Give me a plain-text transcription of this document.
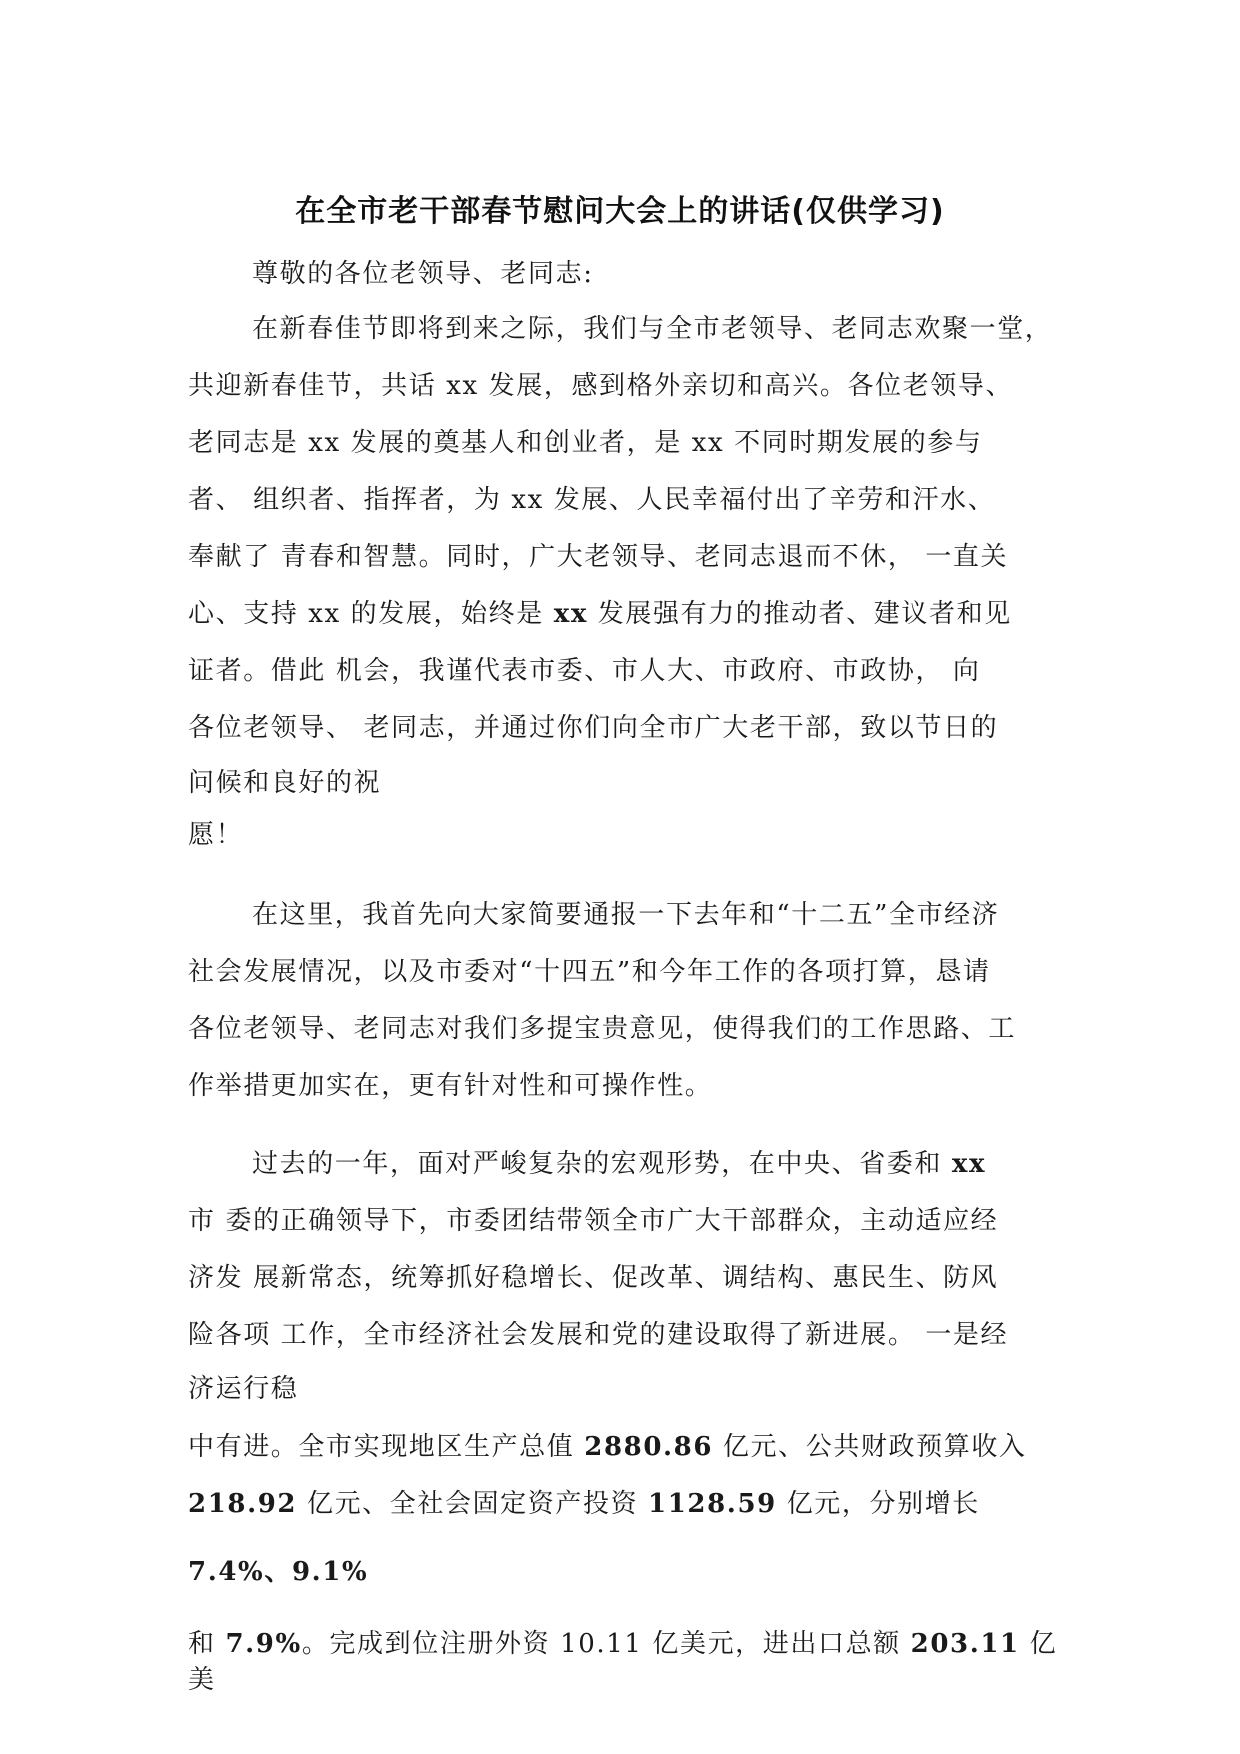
在全市老干部春节慰问大会上的讲话(仅供学习)
尊敬的各位老领导、老同志:
在新春佳节即将到来之际，我们与全市老领导、老同志欢聚一堂，
共迎新春佳节，共话 xx 发展，感到格外亲切和高兴。各位老领导、
老同志是 xx 发展的奠基人和创业者，是 xx 不同时期发展的参与
者、 组织者、指挥者，为 xx 发展、人民幸福付出了辛劳和汗水、
奉献了 青春和智慧。同时，广大老领导、老同志退而不休， 一直关
心、支持 xx 的发展，始终是 xx 发展强有力的推动者、建议者和见
证者。借此 机会，我谨代表市委、市人大、市政府、市政协， 向
各位老领导、 老同志，并通过你们向全市广大老干部，致以节日的
问候和良好的祝
愿！
在这里，我首先向大家简要通报一下去年和“十二五”全市经济
社会发展情况，以及市委对“十四五”和今年工作的各项打算，恳请
各位老领导、老同志对我们多提宝贵意见，使得我们的工作思路、工
作举措更加实在，更有针对性和可操作性。
过去的一年，面对严峻复杂的宏观形势，在中央、省委和 xx
市 委的正确领导下，市委团结带领全市广大干部群众，主动适应经
济发 展新常态，统筹抓好稳增长、促改革、调结构、惠民生、防风
险各项 工作，全市经济社会发展和党的建设取得了新进展。 一是经
济运行稳
中有进。全市实现地区生产总值 2880.86 亿元、公共财政预算收入
218.92 亿元、全社会固定资产投资 1128.59 亿元，分别增长
7.4%、9.1%
和 7.9%。完成到位注册外资 10.11 亿美元，进出口总额 203.11 亿
美
